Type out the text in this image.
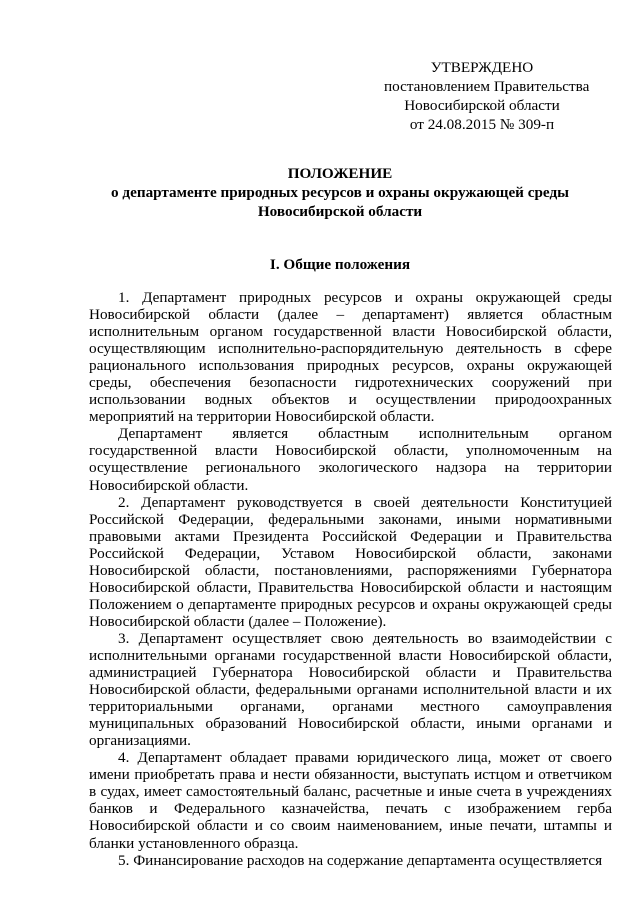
УТВЕРЖДЕНО
постановлением Правительства
Новосибирской области
от 24.08.2015 № 309-п
ПОЛОЖЕНИЕ
о департаменте природных ресурсов и охраны окружающей среды
Новосибирской области
I. Общие положения
1. Департамент природных ресурсов и охраны окружающей среды Новосибирской области (далее – департамент) является областным исполнительным органом государственной власти Новосибирской области, осуществляющим исполнительно-распорядительную деятельность в сфере рационального использования природных ресурсов, охраны окружающей среды, обеспечения безопасности гидротехнических сооружений при использовании водных объектов и осуществлении природоохранных мероприятий на территории Новосибирской области.
Департамент является областным исполнительным органом государственной власти Новосибирской области, уполномоченным на осуществление регионального экологического надзора на территории Новосибирской области.
2. Департамент руководствуется в своей деятельности Конституцией Российской Федерации, федеральными законами, иными нормативными правовыми актами Президента Российской Федерации и Правительства Российской Федерации, Уставом Новосибирской области, законами Новосибирской области, постановлениями, распоряжениями Губернатора Новосибирской области, Правительства Новосибирской области и настоящим Положением о департаменте природных ресурсов и охраны окружающей среды Новосибирской области (далее – Положение).
3. Департамент осуществляет свою деятельность во взаимодействии с исполнительными органами государственной власти Новосибирской области, администрацией Губернатора Новосибирской области и Правительства Новосибирской области, федеральными органами исполнительной власти и их территориальными органами, органами местного самоуправления муниципальных образований Новосибирской области, иными органами и организациями.
4. Департамент обладает правами юридического лица, может от своего имени приобретать права и нести обязанности, выступать истцом и ответчиком в судах, имеет самостоятельный баланс, расчетные и иные счета в учреждениях банков и Федерального казначейства, печать с изображением герба Новосибирской области и со своим наименованием, иные печати, штампы и бланки установленного образца.
5. Финансирование расходов на содержание департамента осуществляется
